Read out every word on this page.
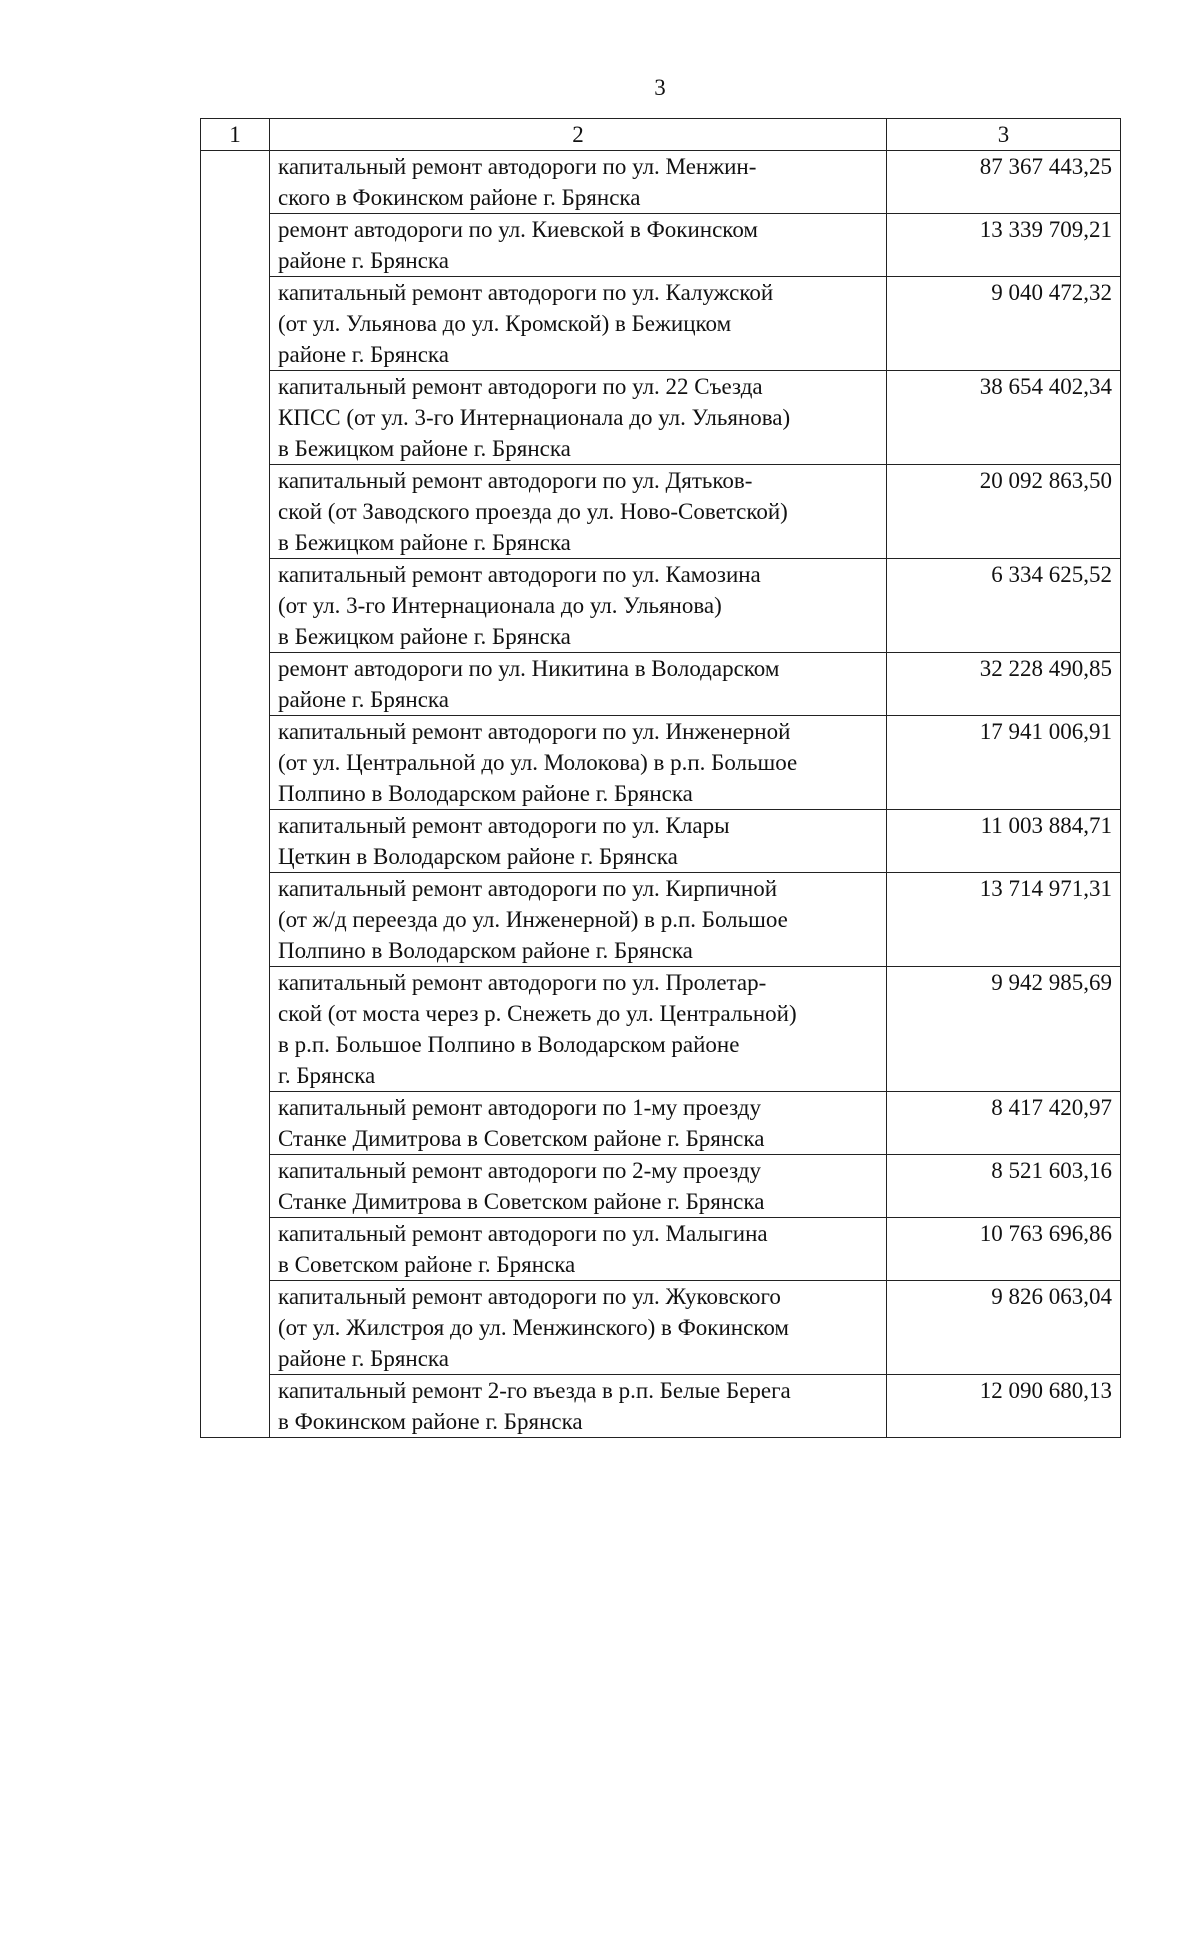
3
1	2	3

	капитальный ремонт автодороги по ул. Менжин-
ского в Фокинском районе г. Брянска	87 367 443,25

	ремонт автодороги по ул. Киевской в Фокинском
районе г. Брянска	13 339 709,21

	капитальный ремонт автодороги по ул. Калужской
(от ул. Ульянова до ул. Кромской) в Бежицком
районе г. Брянска	9 040 472,32

	капитальный ремонт автодороги по ул. 22 Съезда
КПСС (от ул. 3-го Интернационала до ул. Ульянова)
в Бежицком районе г. Брянска	38 654 402,34

	капитальный ремонт автодороги по ул. Дятьков-
ской (от Заводского проезда до ул. Ново-Советской)
в Бежицком районе г. Брянска	20 092 863,50

	капитальный ремонт автодороги по ул. Камозина
(от ул. 3-го Интернационала до ул. Ульянова)
в Бежицком районе г. Брянска	6 334 625,52

	ремонт автодороги по ул. Никитина в Володарском
районе г. Брянска	32 228 490,85

	капитальный ремонт автодороги по ул. Инженерной
(от ул. Центральной до ул. Молокова) в р.п. Большое
Полпино в Володарском районе г. Брянска	17 941 006,91

	капитальный ремонт автодороги по ул. Клары
Цеткин в Володарском районе г. Брянска	11 003 884,71

	капитальный ремонт автодороги по ул. Кирпичной
(от ж/д переезда до ул. Инженерной) в р.п. Большое
Полпино в Володарском районе г. Брянска	13 714 971,31

	капитальный ремонт автодороги по ул. Пролетар-
ской (от моста через р. Снежеть до ул. Центральной)
в р.п. Большое Полпино в Володарском районе
г. Брянска	9 942 985,69

	капитальный ремонт автодороги по 1-му проезду
Станке Димитрова в Советском районе г. Брянска	8 417 420,97

	капитальный ремонт автодороги по 2-му проезду
Станке Димитрова в Советском районе г. Брянска	8 521 603,16

	капитальный ремонт автодороги по ул. Малыгина
в Советском районе г. Брянска	10 763 696,86

	капитальный ремонт автодороги по ул. Жуковского
(от ул. Жилстроя до ул. Менжинского) в Фокинском
районе г. Брянска	9 826 063,04

	капитальный ремонт 2-го въезда в р.п. Белые Берега
в Фокинском районе г. Брянска	12 090 680,13
